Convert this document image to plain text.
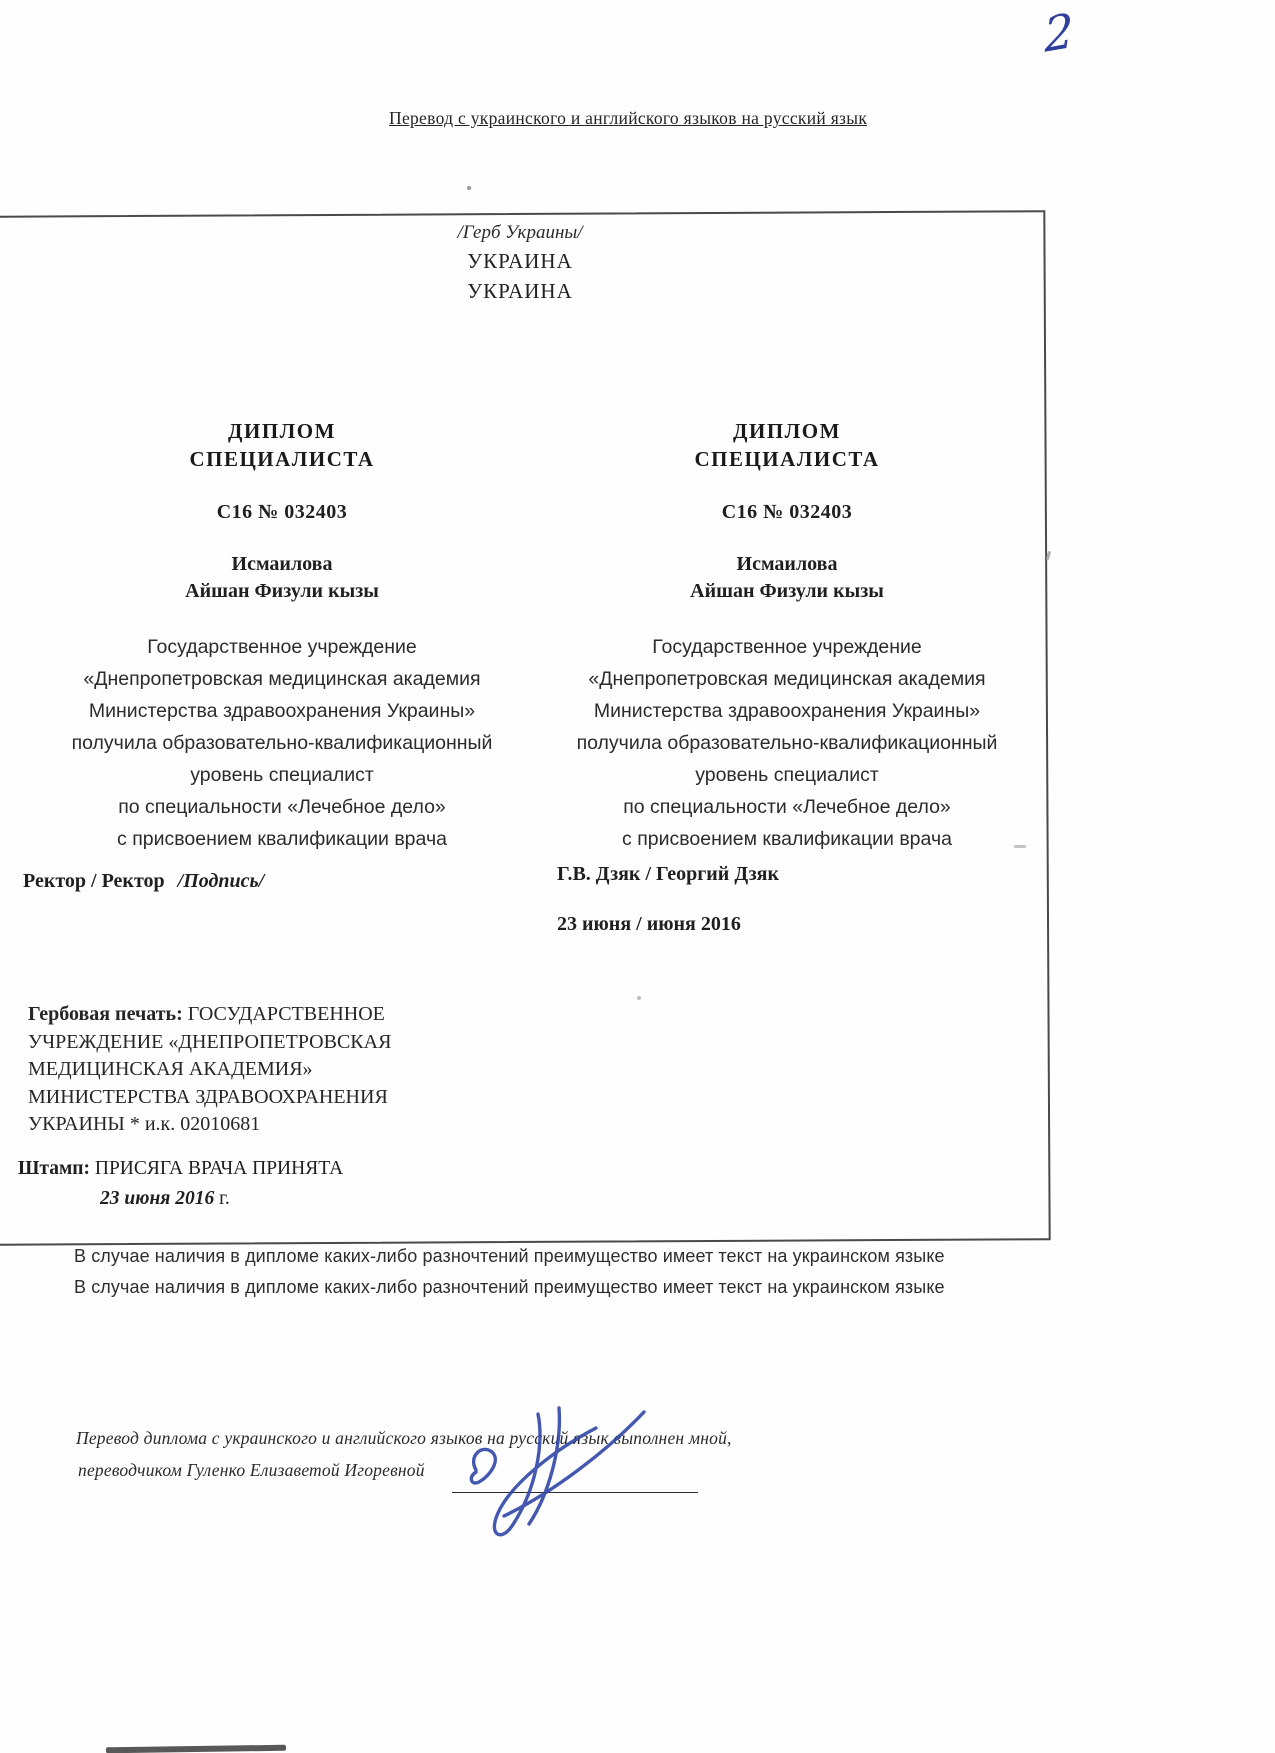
2
Перевод с украинского и английского языков на русский язык
/Герб Украины/
УКРАИНА
УКРАИНА
ДИПЛОМ
СПЕЦИАЛИСТА
С16 № 032403
Исмаилова
Айшан Физули кызы
Государственное учреждение
«Днепропетровская медицинская академия
Министерства здравоохранения Украины»
получила образовательно-квалификационный
уровень специалист
по специальности «Лечебное дело»
с присвоением квалификации врача
ДИПЛОМ
СПЕЦИАЛИСТА
С16 № 032403
Исмаилова
Айшан Физули кызы
Государственное учреждение
«Днепропетровская медицинская академия
Министерства здравоохранения Украины»
получила образовательно-квалификационный
уровень специалист
по специальности «Лечебное дело»
с присвоением квалификации врача
Ректор / Ректор /Подпись/	Г.В. Дзяк / Георгий Дзяк
23 июня / июня 2016
Гербовая печать: ГОСУДАРСТВЕННОЕ
УЧРЕЖДЕНИЕ «ДНЕПРОПЕТРОВСКАЯ
МЕДИЦИНСКАЯ АКАДЕМИЯ»
МИНИСТЕРСТВА ЗДРАВООХРАНЕНИЯ
УКРАИНЫ * и.к. 02010681
Штамп: ПРИСЯГА ВРАЧА ПРИНЯТА
23 июня 2016 г.
В случае наличия в дипломе каких-либо разночтений преимущество имеет текст на украинском языке
В случае наличия в дипломе каких-либо разночтений преимущество имеет текст на украинском языке
Перевод диплома с украинского и английского языков на русский язык выполнен мной,
переводчиком Гуленко Елизаветой Игоревной
